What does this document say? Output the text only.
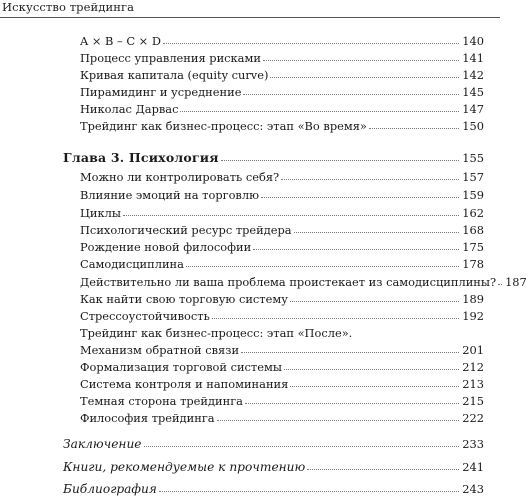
Искусство трейдинга
A × B – C × D	140
Процесс управления рисками	141
Кривая капитала (equity curve)	142
Пирамидинг и усреднение	145
Николас Дарвас	147
Трейдинг как бизнес-процесс: этап «Во время»	150
Глава 3. Психология	155
Можно ли контролировать себя?	157
Влияние эмоций на торговлю	159
Циклы	162
Психологический ресурс трейдера	168
Рождение новой философии	175
Самодисциплина	178
Действительно ли ваша проблема проистекает из самодисциплины? 187
Как найти свою торговую систему	189
Стрессоустойчивость	192
Трейдинг как бизнес-процесс: этап «После».
Механизм обратной связи	201
Формализация торговой системы	212
Система контроля и напоминания	213
Темная сторона трейдинга	215
Философия трейдинга	222
Заключение	233
Книги, рекомендуемые к прочтению	241
Библиография	243
